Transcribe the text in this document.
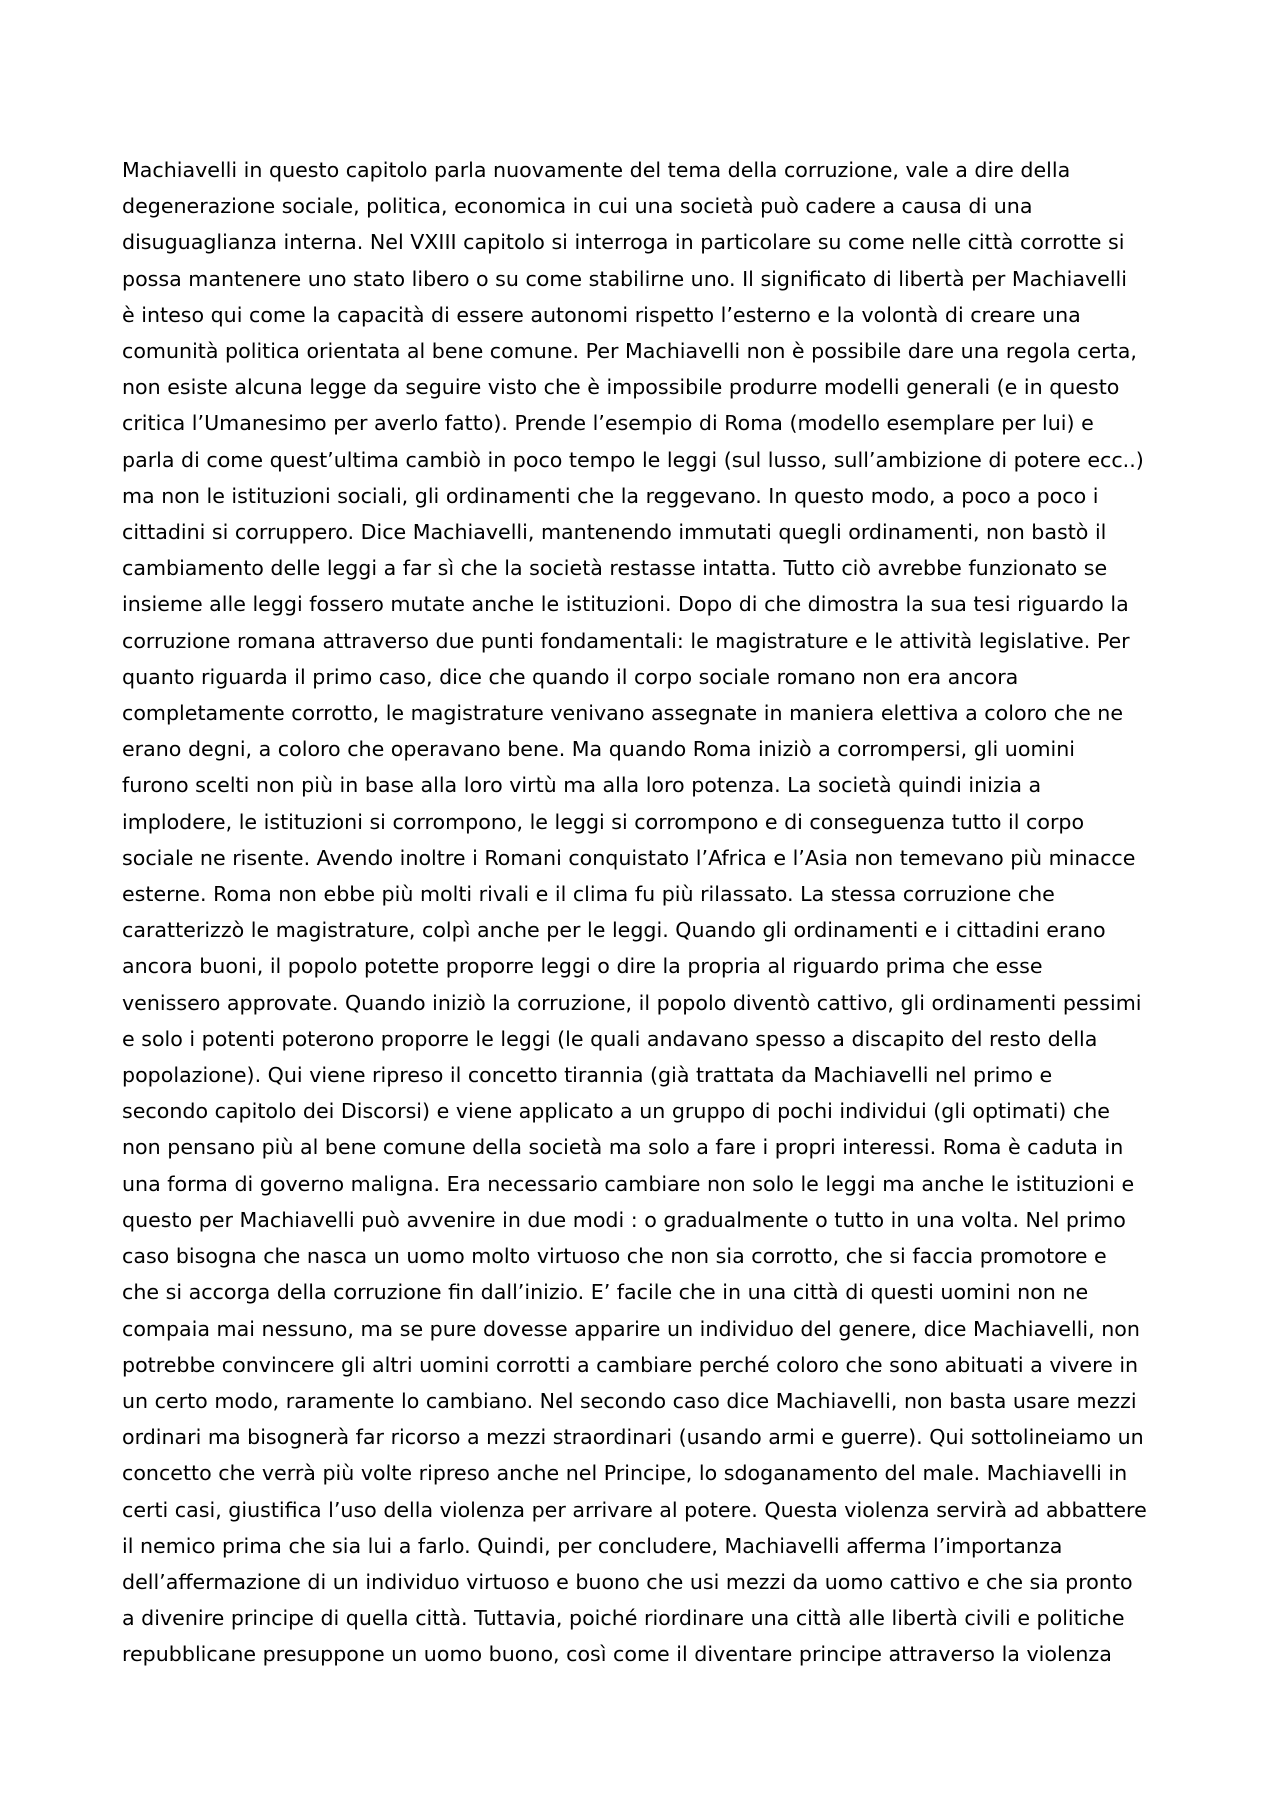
Machiavelli in questo capitolo parla nuovamente del tema della corruzione, vale a dire della
degenerazione sociale, politica, economica in cui una società può cadere a causa di una
disuguaglianza interna. Nel VXIII capitolo si interroga in particolare su come nelle città corrotte si
possa mantenere uno stato libero o su come stabilirne uno. Il significato di libertà per Machiavelli
è inteso qui come la capacità di essere autonomi rispetto l’esterno e la volontà di creare una
comunità politica orientata al bene comune. Per Machiavelli non è possibile dare una regola certa,
non esiste alcuna legge da seguire visto che è impossibile produrre modelli generali (e in questo
critica l’Umanesimo per averlo fatto). Prende l’esempio di Roma (modello esemplare per lui) e
parla di come quest’ultima cambiò in poco tempo le leggi (sul lusso, sull’ambizione di potere ecc..)
ma non le istituzioni sociali, gli ordinamenti che la reggevano. In questo modo, a poco a poco i
cittadini si corruppero. Dice Machiavelli, mantenendo immutati quegli ordinamenti, non bastò il
cambiamento delle leggi a far sì che la società restasse intatta. Tutto ciò avrebbe funzionato se
insieme alle leggi fossero mutate anche le istituzioni. Dopo di che dimostra la sua tesi riguardo la
corruzione romana attraverso due punti fondamentali: le magistrature e le attività legislative. Per
quanto riguarda il primo caso, dice che quando il corpo sociale romano non era ancora
completamente corrotto, le magistrature venivano assegnate in maniera elettiva a coloro che ne
erano degni, a coloro che operavano bene. Ma quando Roma iniziò a corrompersi, gli uomini
furono scelti non più in base alla loro virtù ma alla loro potenza. La società quindi inizia a
implodere, le istituzioni si corrompono, le leggi si corrompono e di conseguenza tutto il corpo
sociale ne risente. Avendo inoltre i Romani conquistato l’Africa e l’Asia non temevano più minacce
esterne. Roma non ebbe più molti rivali e il clima fu più rilassato. La stessa corruzione che
caratterizzò le magistrature, colpì anche per le leggi. Quando gli ordinamenti e i cittadini erano
ancora buoni, il popolo potette proporre leggi o dire la propria al riguardo prima che esse
venissero approvate. Quando iniziò la corruzione, il popolo diventò cattivo, gli ordinamenti pessimi
e solo i potenti poterono proporre le leggi (le quali andavano spesso a discapito del resto della
popolazione). Qui viene ripreso il concetto tirannia (già trattata da Machiavelli nel primo e
secondo capitolo dei Discorsi) e viene applicato a un gruppo di pochi individui (gli optimati) che
non pensano più al bene comune della società ma solo a fare i propri interessi. Roma è caduta in
una forma di governo maligna. Era necessario cambiare non solo le leggi ma anche le istituzioni e
questo per Machiavelli può avvenire in due modi : o gradualmente o tutto in una volta. Nel primo
caso bisogna che nasca un uomo molto virtuoso che non sia corrotto, che si faccia promotore e
che si accorga della corruzione fin dall’inizio. E’ facile che in una città di questi uomini non ne
compaia mai nessuno, ma se pure dovesse apparire un individuo del genere, dice Machiavelli, non
potrebbe convincere gli altri uomini corrotti a cambiare perché coloro che sono abituati a vivere in
un certo modo, raramente lo cambiano. Nel secondo caso dice Machiavelli, non basta usare mezzi
ordinari ma bisognerà far ricorso a mezzi straordinari (usando armi e guerre). Qui sottolineiamo un
concetto che verrà più volte ripreso anche nel Principe, lo sdoganamento del male. Machiavelli in
certi casi, giustifica l’uso della violenza per arrivare al potere. Questa violenza servirà ad abbattere
il nemico prima che sia lui a farlo. Quindi, per concludere, Machiavelli afferma l’importanza
dell’affermazione di un individuo virtuoso e buono che usi mezzi da uomo cattivo e che sia pronto
a divenire principe di quella città. Tuttavia, poiché riordinare una città alle libertà civili e politiche
repubblicane presuppone un uomo buono, così come il diventare principe attraverso la violenza
